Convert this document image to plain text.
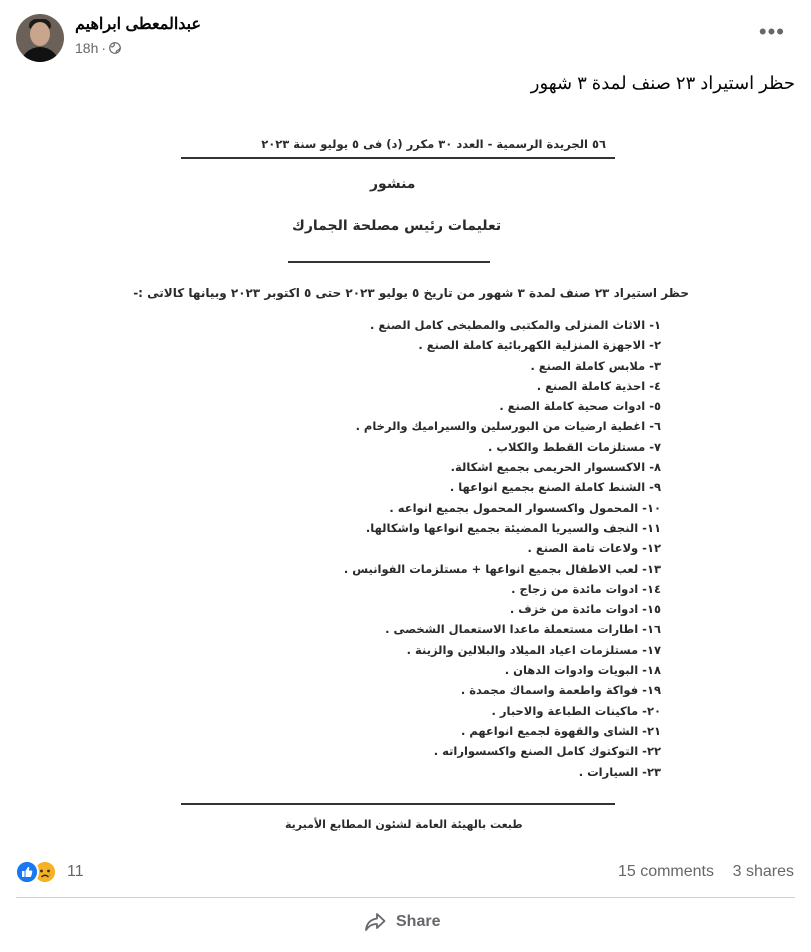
عبدالمعطى ابراهيم
18h ·
•••
حظر استيراد ٢٣ صنف لمدة ٣ شهور
٥٦ الجريدة الرسمية - العدد ٣٠ مكرر (د) فى ٥ يوليو سنة ٢٠٢٣
منشور
تعليمات رئيس مصلحة الجمارك
حظر استيراد ٢٣ صنف لمدة ٣ شهور من تاريخ ٥ يوليو ٢٠٢٣ حتى ٥ اكتوبر ٢٠٢٣ وبيانها كالاتى :-
١- الاثاث المنزلى والمكتبى والمطبخى كامل الصنع .
٢- الاجهزة المنزلية الكهربائية كاملة الصنع .
٣- ملابس كاملة الصنع .
٤- احذية كاملة الصنع .
٥- ادوات صحية كاملة الصنع .
٦- اغطية ارضيات من البورسلين والسيراميك والرخام .
٧- مستلزمات القطط والكلاب .
٨- الاكسسوار الحريمى بجميع اشكالة.
٩- الشنط كاملة الصنع بجميع انواعها .
١٠- المحمول واكسسوار المحمول بجميع انواعه .
١١- النجف والسيريا المضيئة بجميع انواعها واشكالها.
١٢- ولاعات تامة الصنع .
١٣- لعب الاطفال بجميع انواعها + مستلزمات الفوانيس .
١٤- ادوات مائدة من زجاج .
١٥- ادوات مائدة من خزف .
١٦- اطارات مستعملة ماعدا الاستعمال الشخصى .
١٧- مستلزمات اعياد الميلاد والبلالين والزينة .
١٨- البويات وادوات الدهان .
١٩- فواكة واطعمة واسماك مجمدة .
٢٠- ماكينات الطباعة والاحبار .
٢١- الشاى والقهوة لجميع انواعهم .
٢٢- التوكتوك كامل الصنع واكسسواراته .
٢٣- السيارات .
طبعت بالهيئة العامة لشئون المطابع الأميرية
11	15 comments 3 shares
Share
